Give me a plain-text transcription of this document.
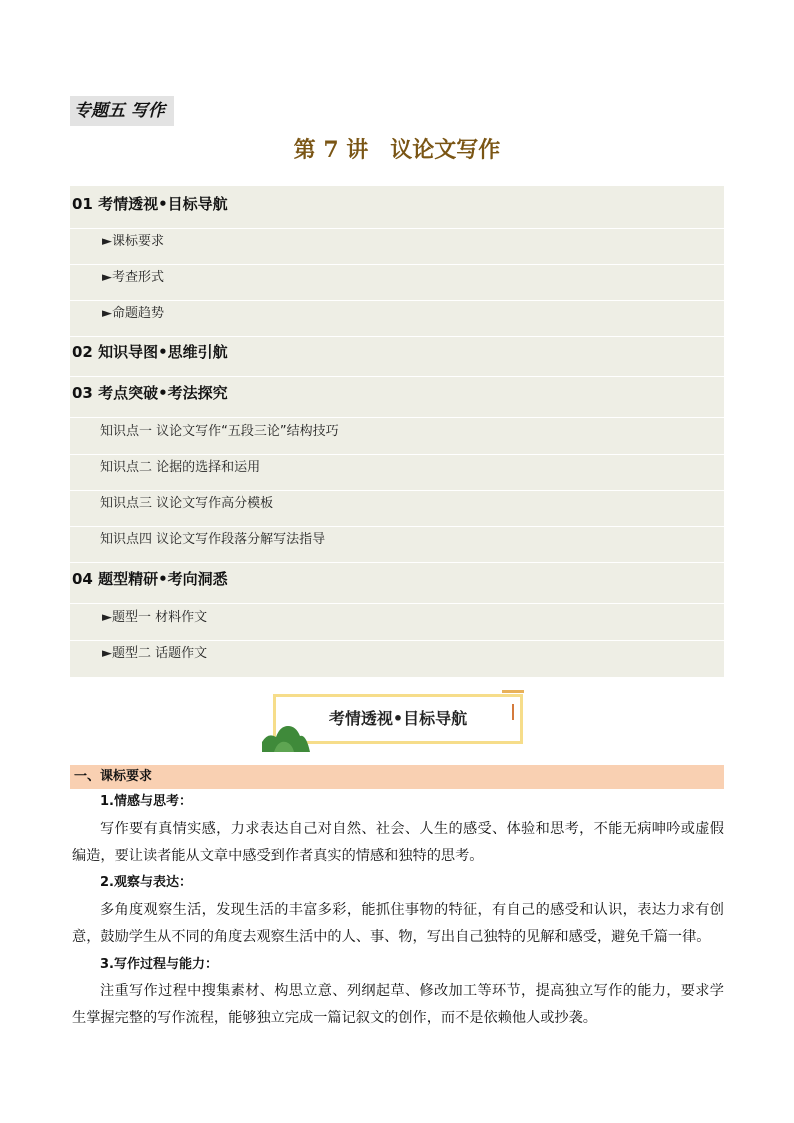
专题五 写作
第 7 讲　议论文写作
01 考情透视•目标导航
►课标要求
►考查形式
►命题趋势
02 知识导图•思维引航
03 考点突破•考法探究
知识点一 议论文写作“五段三论”结构技巧
知识点二 论据的选择和运用
知识点三 议论文写作高分模板
知识点四 议论文写作段落分解写法指导
04 题型精研•考向洞悉
►题型一 材料作文
►题型二 话题作文
考情透视•目标导航
一、课标要求
1.情感与思考：
写作要有真情实感，力求表达自己对自然、社会、人生的感受、体验和思考，不能无病呻吟或虚假编造，要让读者能从文章中感受到作者真实的情感和独特的思考。
2.观察与表达：
多角度观察生活，发现生活的丰富多彩，能抓住事物的特征，有自己的感受和认识，表达力求有创意，鼓励学生从不同的角度去观察生活中的人、事、物，写出自己独特的见解和感受，避免千篇一律。
3.写作过程与能力：
注重写作过程中搜集素材、构思立意、列纲起草、修改加工等环节，提高独立写作的能力，要求学生掌握完整的写作流程，能够独立完成一篇记叙文的创作，而不是依赖他人或抄袭。
